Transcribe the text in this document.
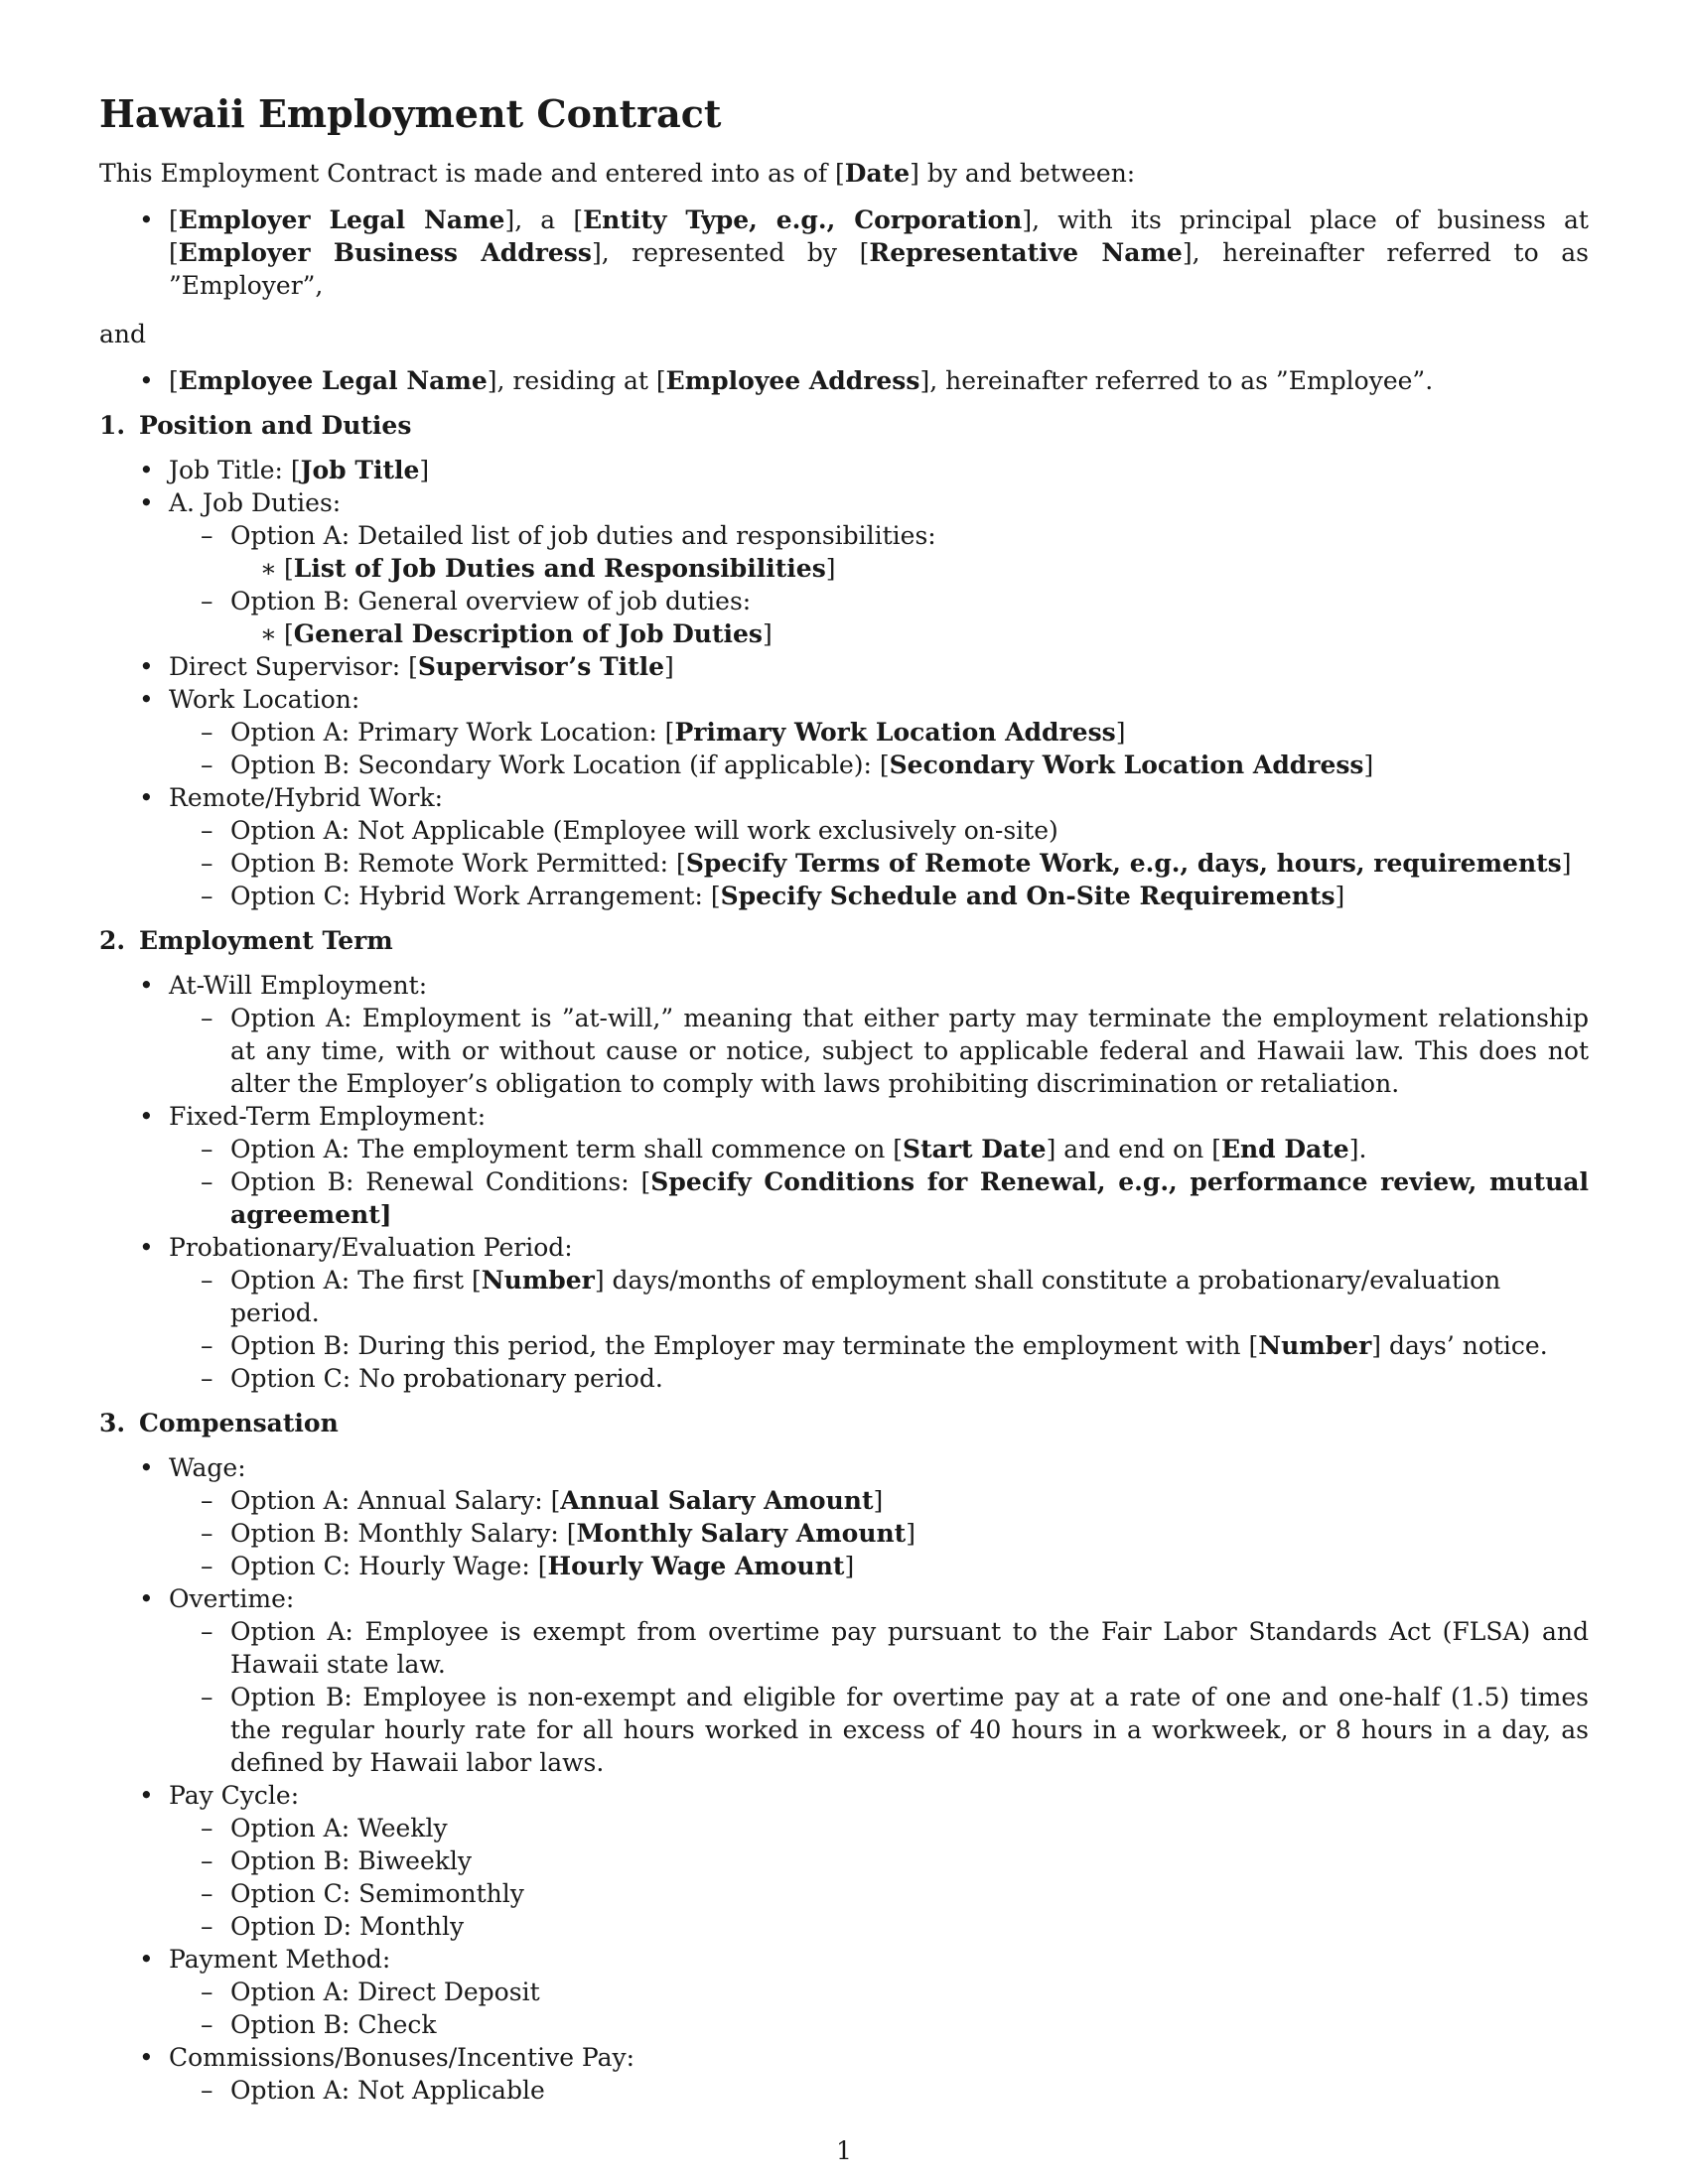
Hawaii Employment Contract

This Employment Contract is made and entered into as of [Date] by and between:

• [Employer Legal Name], a [Entity Type, e.g., Corporation], with its principal place of business at [Employer Business Address], represented by [Representative Name], hereinafter referred to as ”Employer”,

and

• [Employee Legal Name], residing at [Employee Address], hereinafter referred to as ”Employee”.
1. Position and Duties
• Job Title: [Job Title]
• A. Job Duties:
– Option A: Detailed list of job duties and responsibilities:
∗ [List of Job Duties and Responsibilities]
– Option B: General overview of job duties:
∗ [General Description of Job Duties]
• Direct Supervisor: [Supervisor’s Title]
• Work Location:
– Option A: Primary Work Location: [Primary Work Location Address]
– Option B: Secondary Work Location (if applicable): [Secondary Work Location Address]
• Remote/Hybrid Work:
– Option A: Not Applicable (Employee will work exclusively on-site)
– Option B: Remote Work Permitted: [Specify Terms of Remote Work, e.g., days, hours, requirements]
– Option C: Hybrid Work Arrangement: [Specify Schedule and On-Site Requirements]
2. Employment Term
• At-Will Employment:
– Option A: Employment is ”at-will,” meaning that either party may terminate the employment relationship at any time, with or without cause or notice, subject to applicable federal and Hawaii law. This does not alter the Employer’s obligation to comply with laws prohibiting discrimination or retaliation.
• Fixed-Term Employment:
– Option A: The employment term shall commence on [Start Date] and end on [End Date].
– Option B: Renewal Conditions: [Specify Conditions for Renewal, e.g., performance review, mutual agreement]
• Probationary/Evaluation Period:
– Option A: The first [Number] days/months of employment shall constitute a probationary/evaluation period.
– Option B: During this period, the Employer may terminate the employment with [Number] days’ notice.
– Option C: No probationary period.
3. Compensation
• Wage:
– Option A: Annual Salary: [Annual Salary Amount]
– Option B: Monthly Salary: [Monthly Salary Amount]
– Option C: Hourly Wage: [Hourly Wage Amount]
• Overtime:
– Option A: Employee is exempt from overtime pay pursuant to the Fair Labor Standards Act (FLSA) and Hawaii state law.
– Option B: Employee is non-exempt and eligible for overtime pay at a rate of one and one-half (1.5) times the regular hourly rate for all hours worked in excess of 40 hours in a workweek, or 8 hours in a day, as defined by Hawaii labor laws.
• Pay Cycle:
– Option A: Weekly
– Option B: Biweekly
– Option C: Semimonthly
– Option D: Monthly
• Payment Method:
– Option A: Direct Deposit
– Option B: Check
• Commissions/Bonuses/Incentive Pay:
– Option A: Not Applicable
1
